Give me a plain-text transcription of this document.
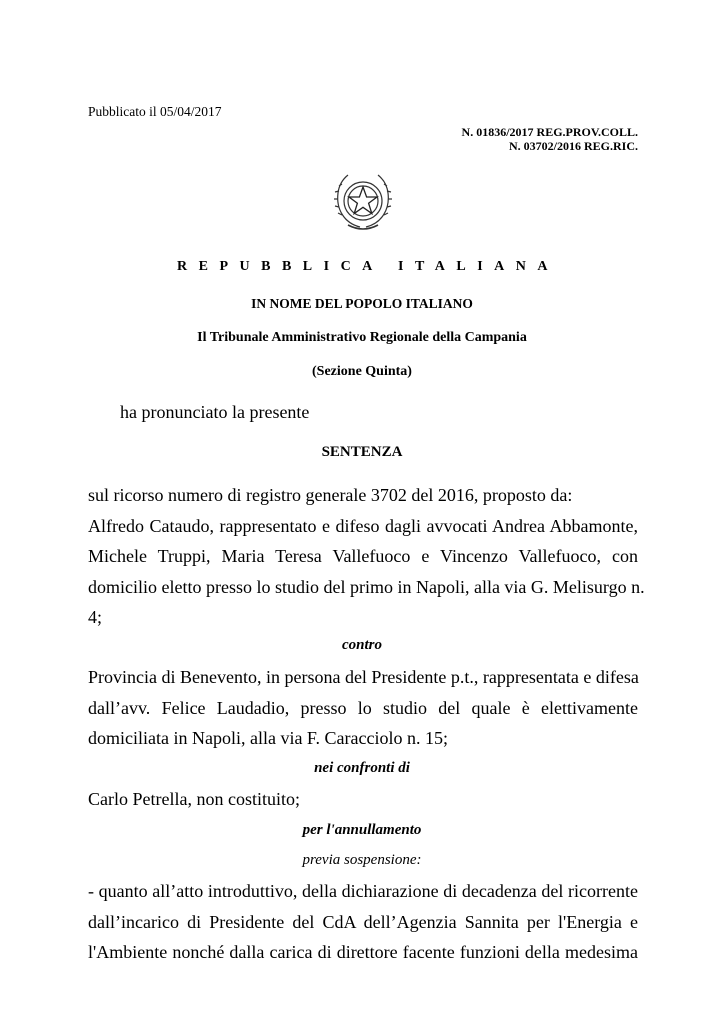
Pubblicato il 05/04/2017
N. 01836/2017 REG.PROV.COLL.
N. 03702/2016 REG.RIC.
REPUBBLICA ITALIANA
IN NOME DEL POPOLO ITALIANO
Il Tribunale Amministrativo Regionale della Campania
(Sezione Quinta)
ha pronunciato la presente
SENTENZA
sul ricorso numero di registro generale 3702 del 2016, proposto da:
Alfredo Cataudo, rappresentato e difeso dagli avvocati Andrea Abbamonte,
Michele Truppi, Maria Teresa Vallefuoco e Vincenzo Vallefuoco, con
domicilio eletto presso lo studio del primo in Napoli, alla via G. Melisurgo n.
4;
contro
Provincia di Benevento, in persona del Presidente p.t., rappresentata e difesa
dall’avv. Felice Laudadio, presso lo studio del quale è elettivamente
domiciliata in Napoli, alla via F. Caracciolo n. 15;
nei confronti di
Carlo Petrella, non costituito;
per l'annullamento
previa sospensione:
- quanto all’atto introduttivo, della dichiarazione di decadenza del ricorrente
dall’incarico di Presidente del CdA dell’Agenzia Sannita per l'Energia e
l'Ambiente nonché dalla carica di direttore facente funzioni della medesima
